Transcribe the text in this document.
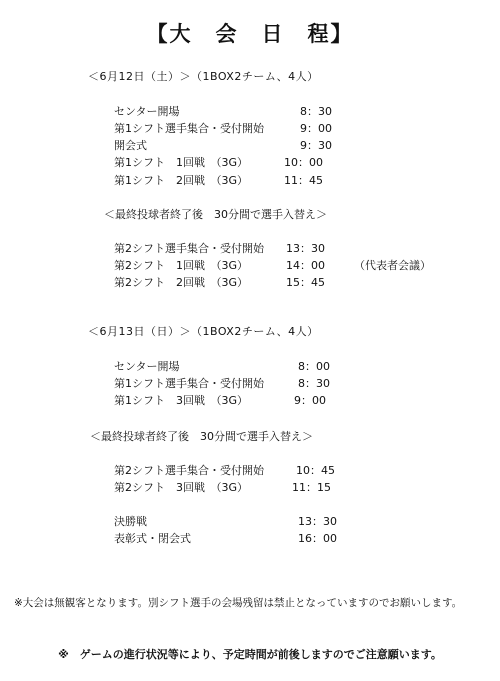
【大　会　日　程】
＜6月12日（土）＞（1BOX2チーム、4人）
センター開場	8：30
第1シフト選手集合・受付開始	9：00
開会式	9：30
第1シフト　1回戦　（3G）	10：00
第1シフト　2回戦　（3G）	11：45
＜最終投球者終了後　30分間で選手入替え＞
第2シフト選手集合・受付開始 13：30
第2シフト　1回戦　（3G）	14：00	（代表者会議）
第2シフト　2回戦　（3G）	15：45
＜6月13日（日）＞（1BOX2チーム、4人）
センター開場	8：00
第1シフト選手集合・受付開始	8：30
第1シフト　3回戦　（3G）	9：00
＜最終投球者終了後　30分間で選手入替え＞
第2シフト選手集合・受付開始	10：45
第2シフト　3回戦　（3G）	11：15
決勝戦	13：30
表彰式・閉会式	16：00
※大会は無観客となります。別シフト選手の会場残留は禁止となっていますのでお願いします。
※　ゲームの進行状況等により、予定時間が前後しますのでご注意願います。
